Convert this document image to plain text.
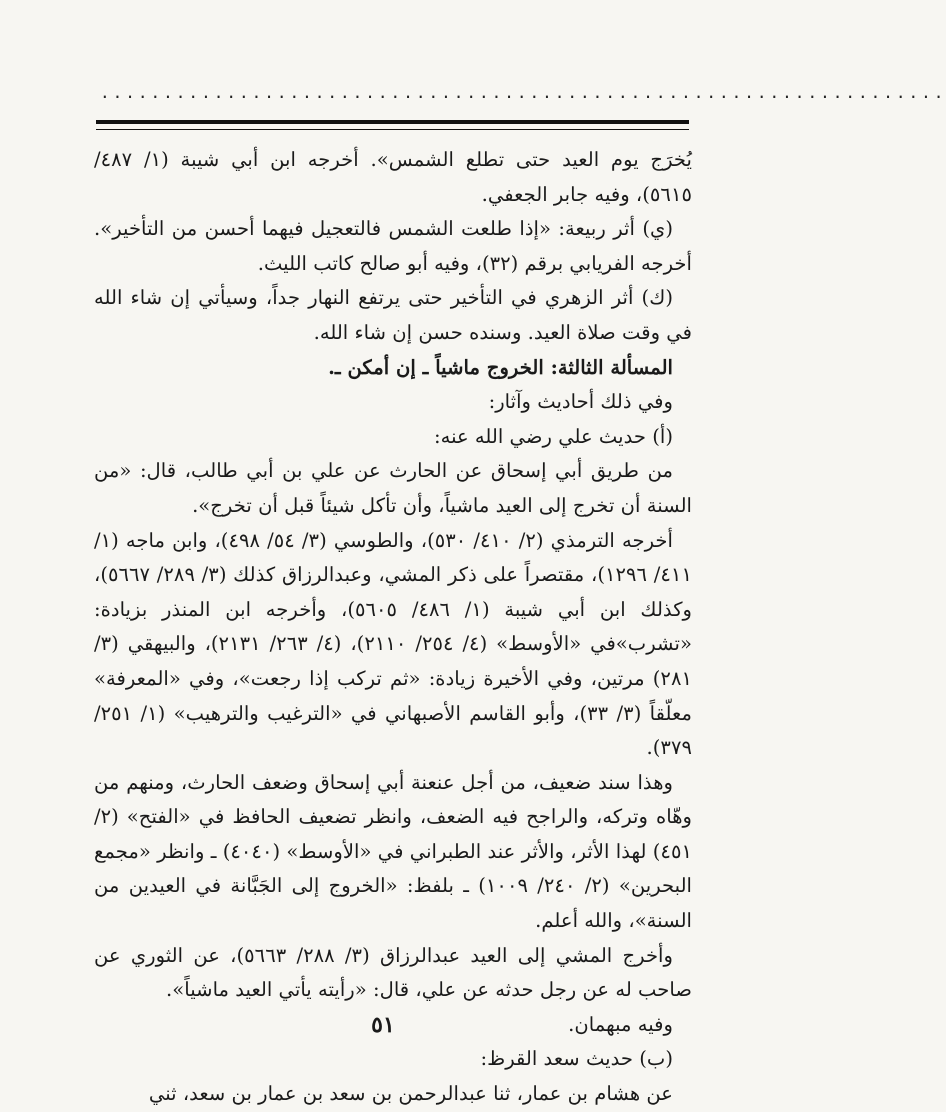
...................................................................

يُخرَج يوم العيد حتى تطلع الشمس». أخرجه ابن أبي شيبة (١/ ٤٨٧/ ٥٦١٥)، وفيه جابر الجعفي.

(ي) أثر ربيعة: «إذا طلعت الشمس فالتعجيل فيهما أحسن من التأخير». أخرجه الفريابي برقم (٣٢)، وفيه أبو صالح كاتب الليث.

(ك) أثر الزهري في التأخير حتى يرتفع النهار جداً، وسيأتي إن شاء الله في وقت صلاة العيد. وسنده حسن إن شاء الله.

المسألة الثالثة: الخروج ماشياً ـ إن أمكن ـ.

وفي ذلك أحاديث وآثار:

(أ) حديث علي رضي الله عنه:

من طريق أبي إسحاق عن الحارث عن علي بن أبي طالب، قال: «من السنة أن تخرج إلى العيد ماشياً، وأن تأكل شيئاً قبل أن تخرج».

أخرجه الترمذي (٢/ ٤١٠/ ٥٣٠)، والطوسي (٣/ ٥٤/ ٤٩٨)، وابن ماجه (١/ ٤١١/ ١٢٩٦)، مقتصراً على ذكر المشي، وعبدالرزاق كذلك (٣/ ٢٨٩/ ٥٦٦٧)، وكذلك ابن أبي شيبة (١/ ٤٨٦/ ٥٦٠٥)، وأخرجه ابن المنذر بزيادة: «تشرب»في «الأوسط» (٤/ ٢٥٤/ ٢١١٠)، (٤/ ٢٦٣/ ٢١٣١)، والبيهقي (٣/ ٢٨١) مرتين، وفي الأخيرة زيادة: «ثم تركب إذا رجعت»، وفي «المعرفة» معلّقاً (٣/ ٣٣)، وأبو القاسم الأصبهاني في «الترغيب والترهيب» (١/ ٢٥١/ ٣٧٩).

وهذا سند ضعيف، من أجل عنعنة أبي إسحاق وضعف الحارث، ومنهم من وهّاه وتركه، والراجح فيه الضعف، وانظر تضعيف الحافظ في «الفتح» (٢/ ٤٥١) لهذا الأثر، والأثر عند الطبراني في «الأوسط» (٤٠٤٠) ـ وانظر «مجمع البحرين» (٢/ ٢٤٠/ ١٠٠٩) ـ بلفظ: «الخروج إلى الجَبَّانة في العيدين من السنة»، والله أعلم.

وأخرج المشي إلى العيد عبدالرزاق (٣/ ٢٨٨/ ٥٦٦٣)، عن الثوري عن صاحب له عن رجل حدثه عن علي، قال: «رأيته يأتي العيد ماشياً».

وفيه مبهمان.

(ب) حديث سعد القرظ:

عن هشام بن عمار، ثنا عبدالرحمن بن سعد بن عمار بن سعد، ثني

٥١
